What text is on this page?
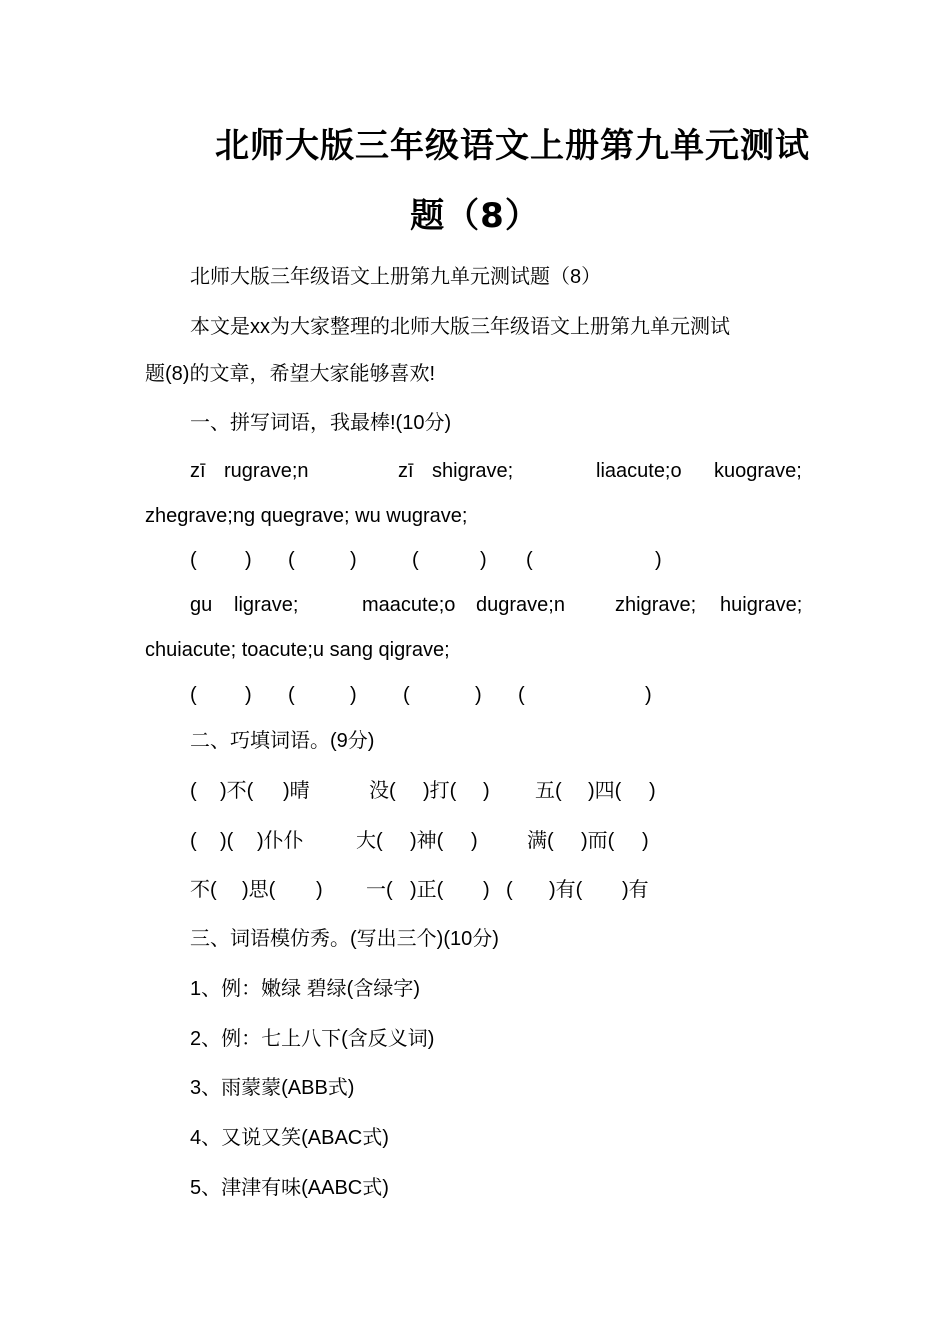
北师大版三年级语文上册第九单元测试
题（8）
北师大版三年级语文上册第九单元测试题（8）
本文是xx为大家整理的北师大版三年级语文上册第九单元测试
题(8)的文章，希望大家能够喜欢!
一、拼写词语，我最棒!(10分)
zī rugrave;n	zī shigrave;	liaacute;o kuograve;
zhegrave;ng quegrave; wu wugrave;
( ) (	)	(	) (	)
gu ligrave;	maacute;o dugrave;n	zhigrave; huigrave;
chuiacute; toacute;u sang qigrave;
( ) (	) (	) (	)
二、巧填词语。(9分)
( )不( )晴	没( )打( ) 五( )四( )
( )( )仆仆	大( )神( ) 满( )而( )
不( )思( ) 一( )正( ) ( )有( )有
三、词语模仿秀。(写出三个)(10分)
1、例：嫩绿 碧绿(含绿字)
2、例：七上八下(含反义词)
3、雨蒙蒙(ABB式)
4、又说又笑(ABAC式)
5、津津有味(AABC式)
